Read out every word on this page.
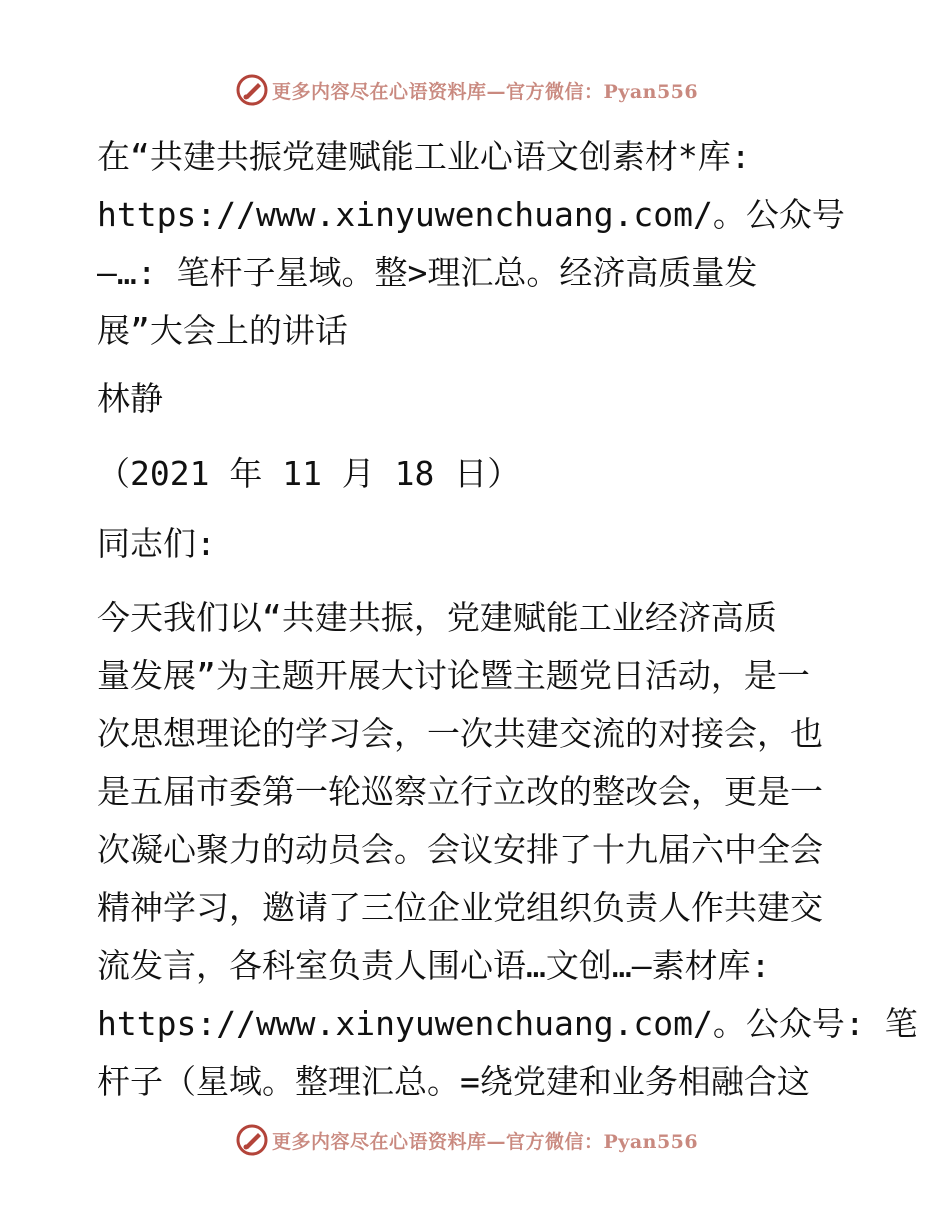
更多内容尽在心语资料库—官方微信：Pyan556
在“共建共振党建赋能工业心语文创素材*库:
https://www.xinyuwenchuang.com/。公众号
—…: 笔杆子星域。整>理汇总。经济高质量发
展”大会上的讲话
林静
（2021 年 11 月 18 日）
同志们:
今天我们以“共建共振，党建赋能工业经济高质
量发展”为主题开展大讨论暨主题党日活动，是一
次思想理论的学习会，一次共建交流的对接会，也
是五届市委第一轮巡察立行立改的整改会，更是一
次凝心聚力的动员会。会议安排了十九届六中全会
精神学习，邀请了三位企业党组织负责人作共建交
流发言，各科室负责人围心语…文创…—素材库:
https://www.xinyuwenchuang.com/。公众号: 笔
杆子（星域。整理汇总。=绕党建和业务相融合这
更多内容尽在心语资料库—官方微信：Pyan556
